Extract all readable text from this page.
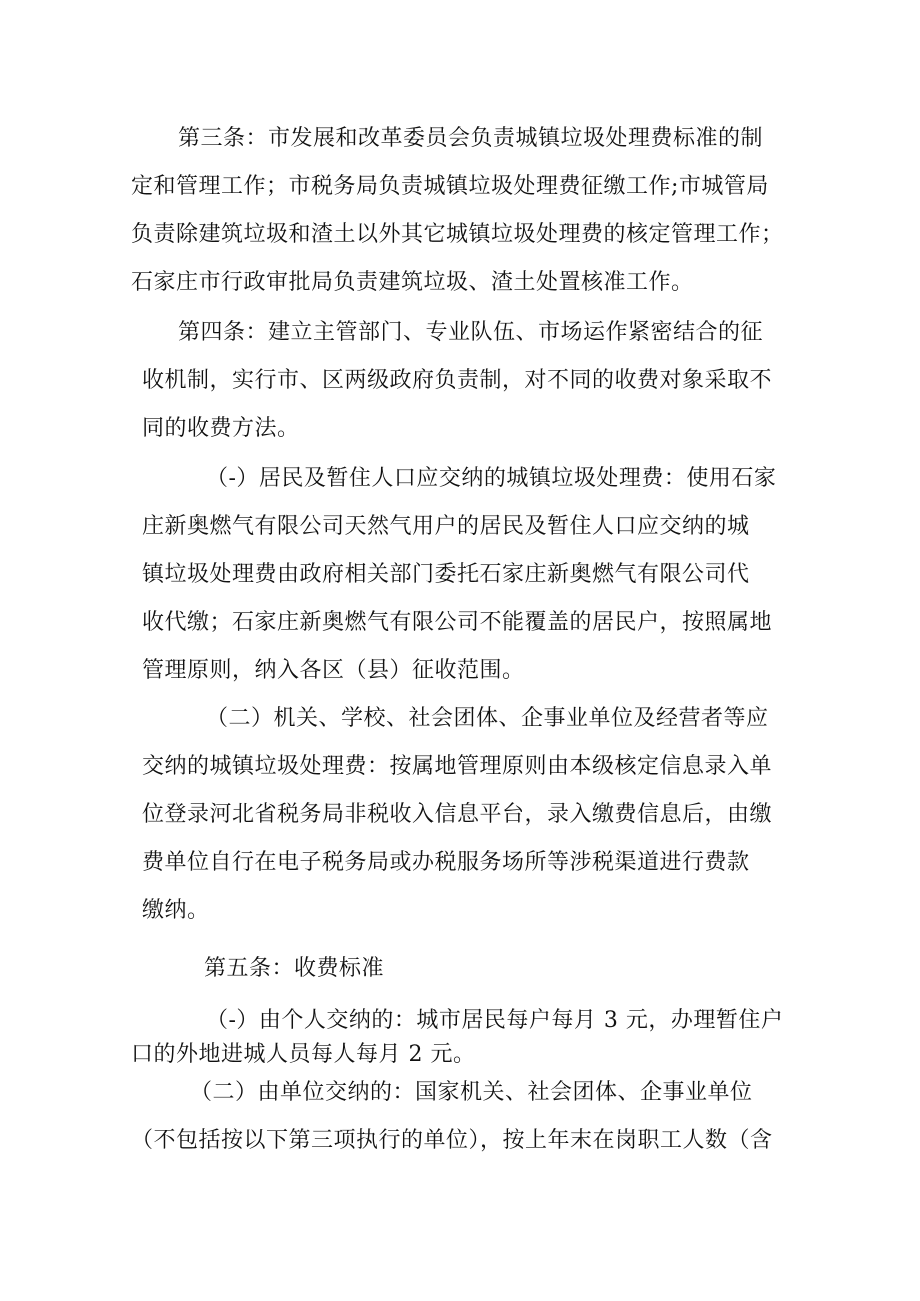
第三条：市发展和改革委员会负责城镇垃圾处理费标准的制
定和管理工作；市税务局负责城镇垃圾处理费征缴工作;市城管局
负责除建筑垃圾和渣土以外其它城镇垃圾处理费的核定管理工作；
石家庄市行政审批局负责建筑垃圾、渣土处置核准工作。
第四条：建立主管部门、专业队伍、市场运作紧密结合的征
收机制，实行市、区两级政府负责制，对不同的收费对象采取不
同的收费方法。
（-）居民及暂住人口应交纳的城镇垃圾处理费：使用石家
庄新奥燃气有限公司天然气用户的居民及暂住人口应交纳的城
镇垃圾处理费由政府相关部门委托石家庄新奥燃气有限公司代
收代缴；石家庄新奥燃气有限公司不能覆盖的居民户，按照属地
管理原则，纳入各区（县）征收范围。
（二）机关、学校、社会团体、企事业单位及经营者等应
交纳的城镇垃圾处理费：按属地管理原则由本级核定信息录入单
位登录河北省税务局非税收入信息平台，录入缴费信息后，由缴
费单位自行在电子税务局或办税服务场所等涉税渠道进行费款
缴纳。
第五条：收费标准
（-）由个人交纳的：城市居民每户每月 3 元，办理暂住户
口的外地进城人员每人每月 2 元。
（二）由单位交纳的：国家机关、社会团体、企事业单位
（不包括按以下第三项执行的单位），按上年末在岗职工人数（含
